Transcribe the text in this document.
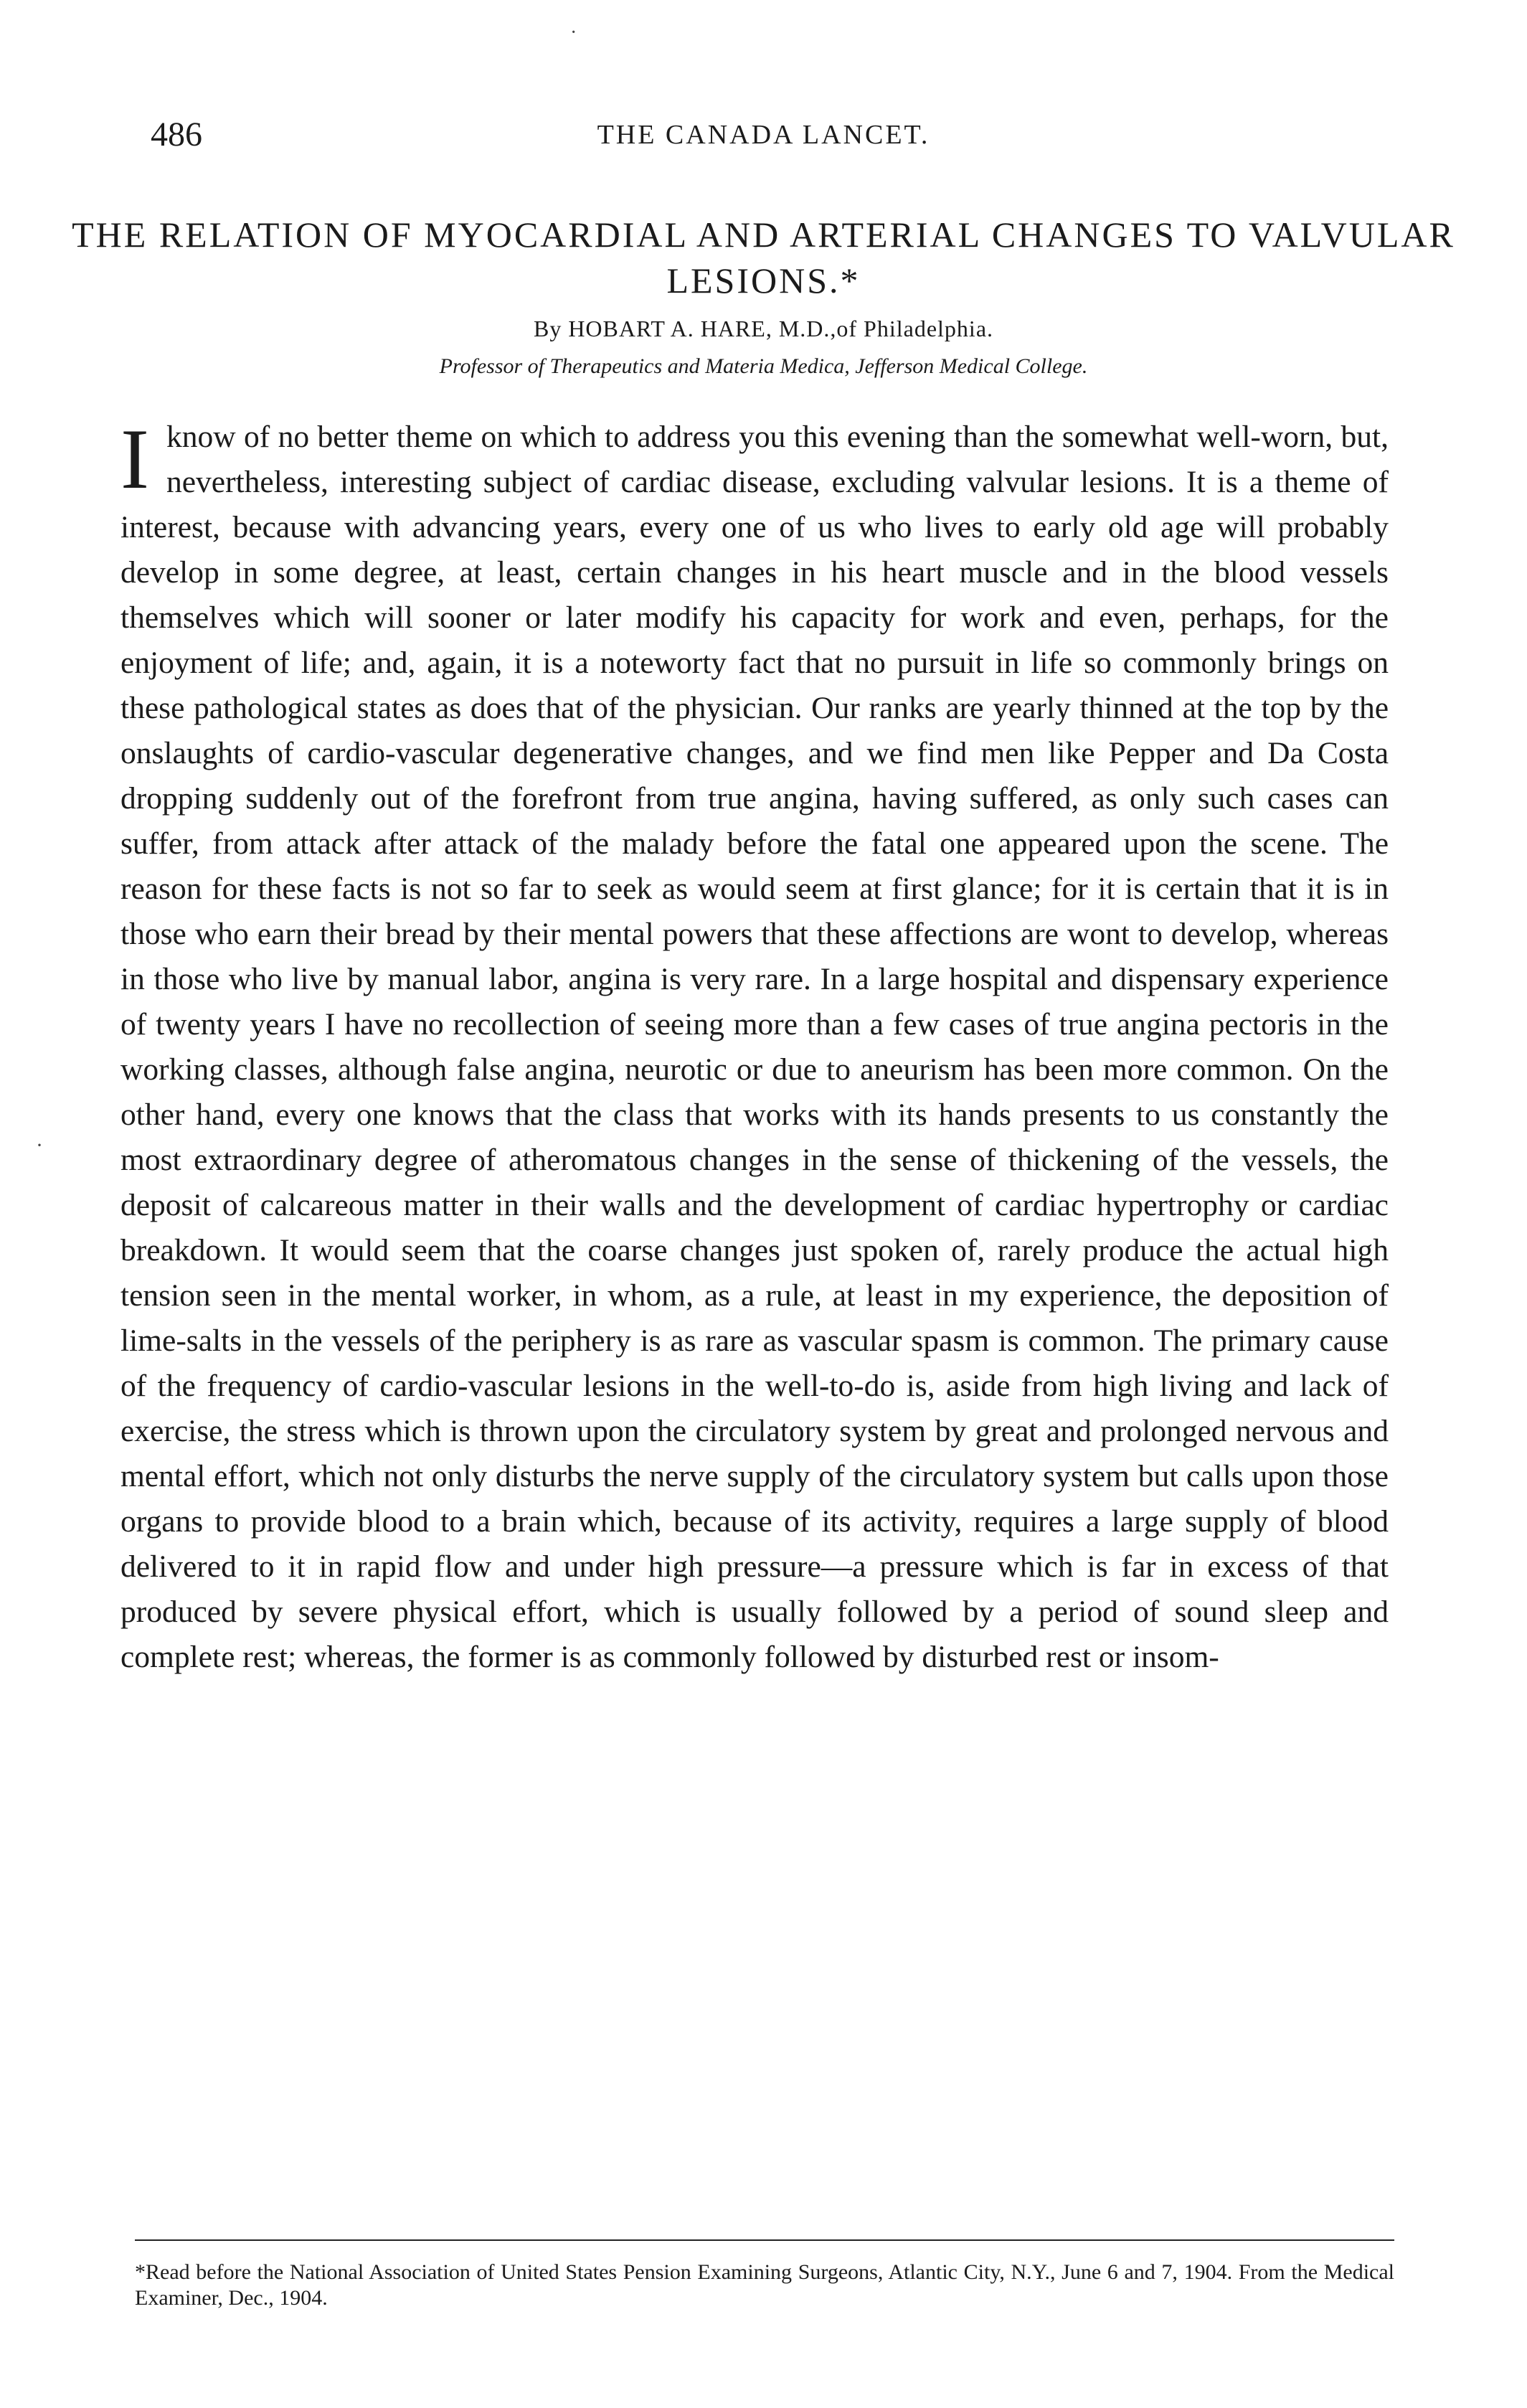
·
·
486	THE CANADA LANCET.
THE RELATION OF MYOCARDIAL AND ARTERIAL CHANGES TO VALVULAR LESIONS.*
By HOBART A. HARE, M.D.,of Philadelphia.
Professor of Therapeutics and Materia Medica, Jefferson Medical College.

Iknow of no better theme on which to address you this evening than the somewhat well-worn, but, nevertheless, interesting subject of cardiac disease, excluding valvular lesions. It is a theme of interest, because with advancing years, every one of us who lives to early old age will probably develop in some degree, at least, certain changes in his heart muscle and in the blood vessels themselves which will sooner or later modify his capacity for work and even, perhaps, for the enjoyment of life; and, again, it is a noteworty fact that no pursuit in life so commonly brings on these pathological states as does that of the physician. Our ranks are yearly thinned at the top by the onslaughts of cardio-vascular degenerative changes, and we find men like Pepper and Da Costa dropping suddenly out of the forefront from true angina, having suffered, as only such cases can suffer, from attack after attack of the malady before the fatal one appeared upon the scene. The reason for these facts is not so far to seek as would seem at first glance; for it is certain that it is in those who earn their bread by their mental powers that these affections are wont to develop, whereas in those who live by manual labor, angina is very rare. In a large hospital and dispensary experience of twenty years I have no recollection of seeing more than a few cases of true angina pectoris in the working classes, although false angina, neurotic or due to aneurism has been more common. On the other hand, every one knows that the class that works with its hands presents to us constantly the most extraordinary degree of atheromatous changes in the sense of thickening of the vessels, the deposit of calcareous matter in their walls and the development of cardiac hypertrophy or cardiac breakdown. It would seem that the coarse changes just spoken of, rarely produce the actual high tension seen in the mental worker, in whom, as a rule, at least in my experience, the deposition of lime-salts in the vessels of the periphery is as rare as vascular spasm is common. The primary cause of the frequency of cardio-vascular lesions in the well-to-do is, aside from high living and lack of exercise, the stress which is thrown upon the circulatory system by great and prolonged nervous and mental effort, which not only disturbs the nerve supply of the circulatory system but calls upon those organs to provide blood to a brain which, because of its activity, requires a large supply of blood delivered to it in rapid flow and under high pressure—a pressure which is far in excess of that produced by severe physical effort, which is usually followed by a period of sound sleep and complete rest; whereas, the former is as commonly followed by disturbed rest or insom-

*Read before the National Association of United States Pension Examining Surgeons, Atlantic City, N.Y., June 6 and 7, 1904. From the Medical Examiner, Dec., 1904.
